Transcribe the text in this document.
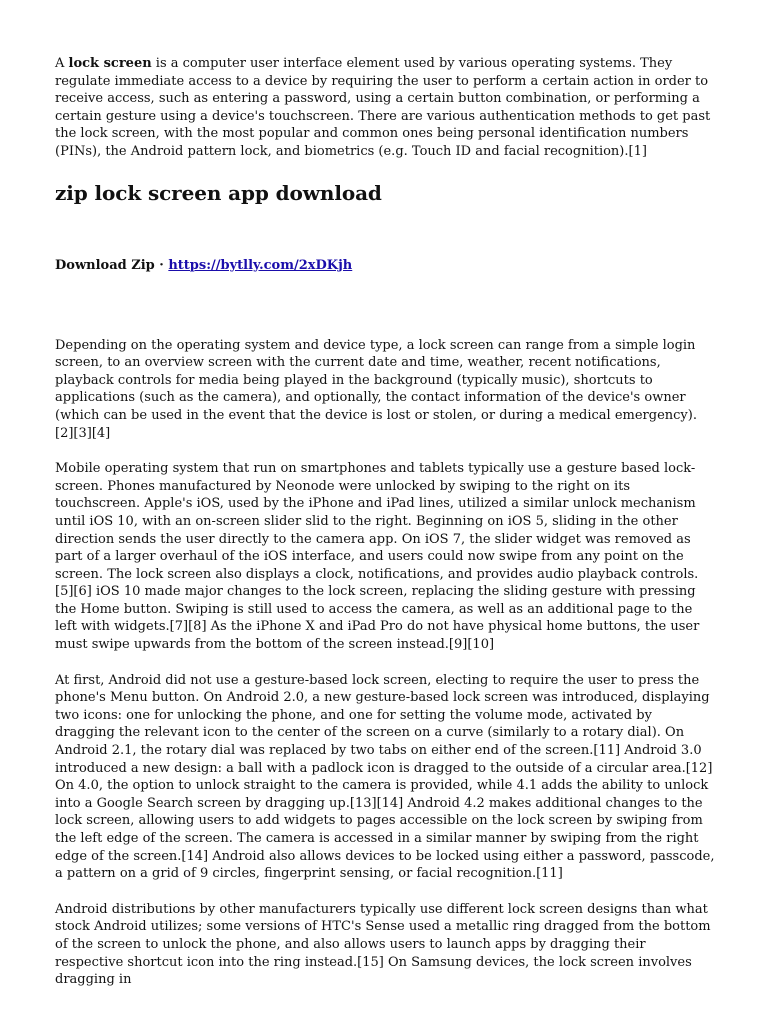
A lock screen is a computer user interface element used by various operating systems. They regulate immediate access to a device by requiring the user to perform a certain action in order to receive access, such as entering a password, using a certain button combination, or performing a certain gesture using a device's touchscreen. There are various authentication methods to get past the lock screen, with the most popular and common ones being personal identification numbers (PINs), the Android pattern lock, and biometrics (e.g. Touch ID and facial recognition).[1]

zip lock screen app download
Download Zip · https://bytlly.com/2xDKjh

Depending on the operating system and device type, a lock screen can range from a simple login screen, to an overview screen with the current date and time, weather, recent notifications, playback controls for media being played in the background (typically music), shortcuts to applications (such as the camera), and optionally, the contact information of the device's owner (which can be used in the event that the device is lost or stolen, or during a medical emergency).[2][3][4]

Mobile operating system that run on smartphones and tablets typically use a gesture based lock-screen. Phones manufactured by Neonode were unlocked by swiping to the right on its touchscreen. Apple's iOS, used by the iPhone and iPad lines, utilized a similar unlock mechanism until iOS 10, with an on-screen slider slid to the right. Beginning on iOS 5, sliding in the other direction sends the user directly to the camera app. On iOS 7, the slider widget was removed as part of a larger overhaul of the iOS interface, and users could now swipe from any point on the screen. The lock screen also displays a clock, notifications, and provides audio playback controls.[5][6] iOS 10 made major changes to the lock screen, replacing the sliding gesture with pressing the Home button. Swiping is still used to access the camera, as well as an additional page to the left with widgets.[7][8] As the iPhone X and iPad Pro do not have physical home buttons, the user must swipe upwards from the bottom of the screen instead.[9][10]

At first, Android did not use a gesture-based lock screen, electing to require the user to press the phone's Menu button. On Android 2.0, a new gesture-based lock screen was introduced, displaying two icons: one for unlocking the phone, and one for setting the volume mode, activated by dragging the relevant icon to the center of the screen on a curve (similarly to a rotary dial). On Android 2.1, the rotary dial was replaced by two tabs on either end of the screen.[11] Android 3.0 introduced a new design: a ball with a padlock icon is dragged to the outside of a circular area.[12] On 4.0, the option to unlock straight to the camera is provided, while 4.1 adds the ability to unlock into a Google Search screen by dragging up.[13][14] Android 4.2 makes additional changes to the lock screen, allowing users to add widgets to pages accessible on the lock screen by swiping from the left edge of the screen. The camera is accessed in a similar manner by swiping from the right edge of the screen.[14] Android also allows devices to be locked using either a password, passcode, a pattern on a grid of 9 circles, fingerprint sensing, or facial recognition.[11]

Android distributions by other manufacturers typically use different lock screen designs than what stock Android utilizes; some versions of HTC's Sense used a metallic ring dragged from the bottom of the screen to unlock the phone, and also allows users to launch apps by dragging their respective shortcut icon into the ring instead.[15] On Samsung devices, the lock screen involves dragging in
